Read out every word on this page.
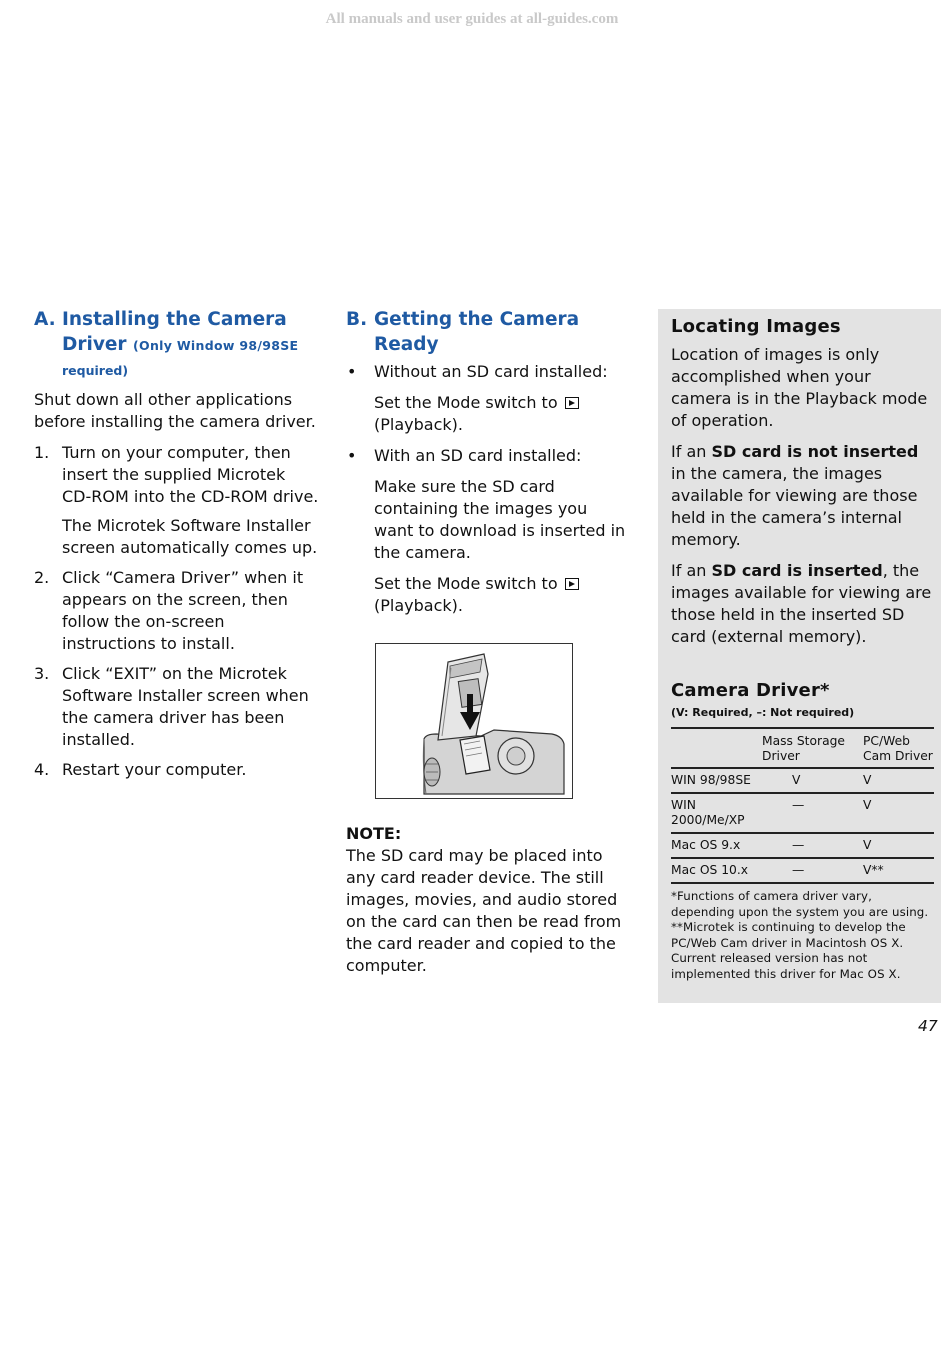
All manuals and user guides at all-guides.com
A. Installing the Camera
Driver (Only Window 98/98SE
required)

Shut down all other applications before installing the camera driver.

1. Turn on your computer, then insert the supplied Microtek CD-ROM into the CD-ROM drive.
The Microtek Software Installer screen automatically comes up.
2. Click “Camera Driver” when it appears on the screen, then follow the on-screen instructions to install.
3. Click “EXIT” on the Microtek Software Installer screen when the camera driver has been installed.
4. Restart your computer.
B. Getting the Camera
Ready
• Without an SD card installed:
Set the Mode switch to
(Playback).
• With an SD card installed:
Make sure the SD card containing the images you want to download is inserted in the camera.
Set the Mode switch to
(Playback).
NOTE:

The SD card may be placed into any card reader device. The still images, movies, and audio stored on the card can then be read from the card reader and copied to the computer.

Locating Images

Location of images is only accomplished when your camera is in the Playback mode of operation.

If an SD card is not inserted in the camera, the images available for viewing are those held in the camera’s internal memory.

If an SD card is inserted, the images available for viewing are those held in the inserted SD card (external memory).

Camera Driver*
(V: Required, –: Not required)
	Mass Storage Driver	PC/Web Cam Driver
WIN 98/98SE	V	V
WIN 2000/Me/XP	—	V
Mac OS 9.x	—	V
Mac OS 10.x	—	V**

*Functions of camera driver vary, depending upon the system you are using.

**Microtek is continuing to develop the PC/Web Cam driver in Macintosh OS X. Current released version has not implemented this driver for Mac OS X.

47
